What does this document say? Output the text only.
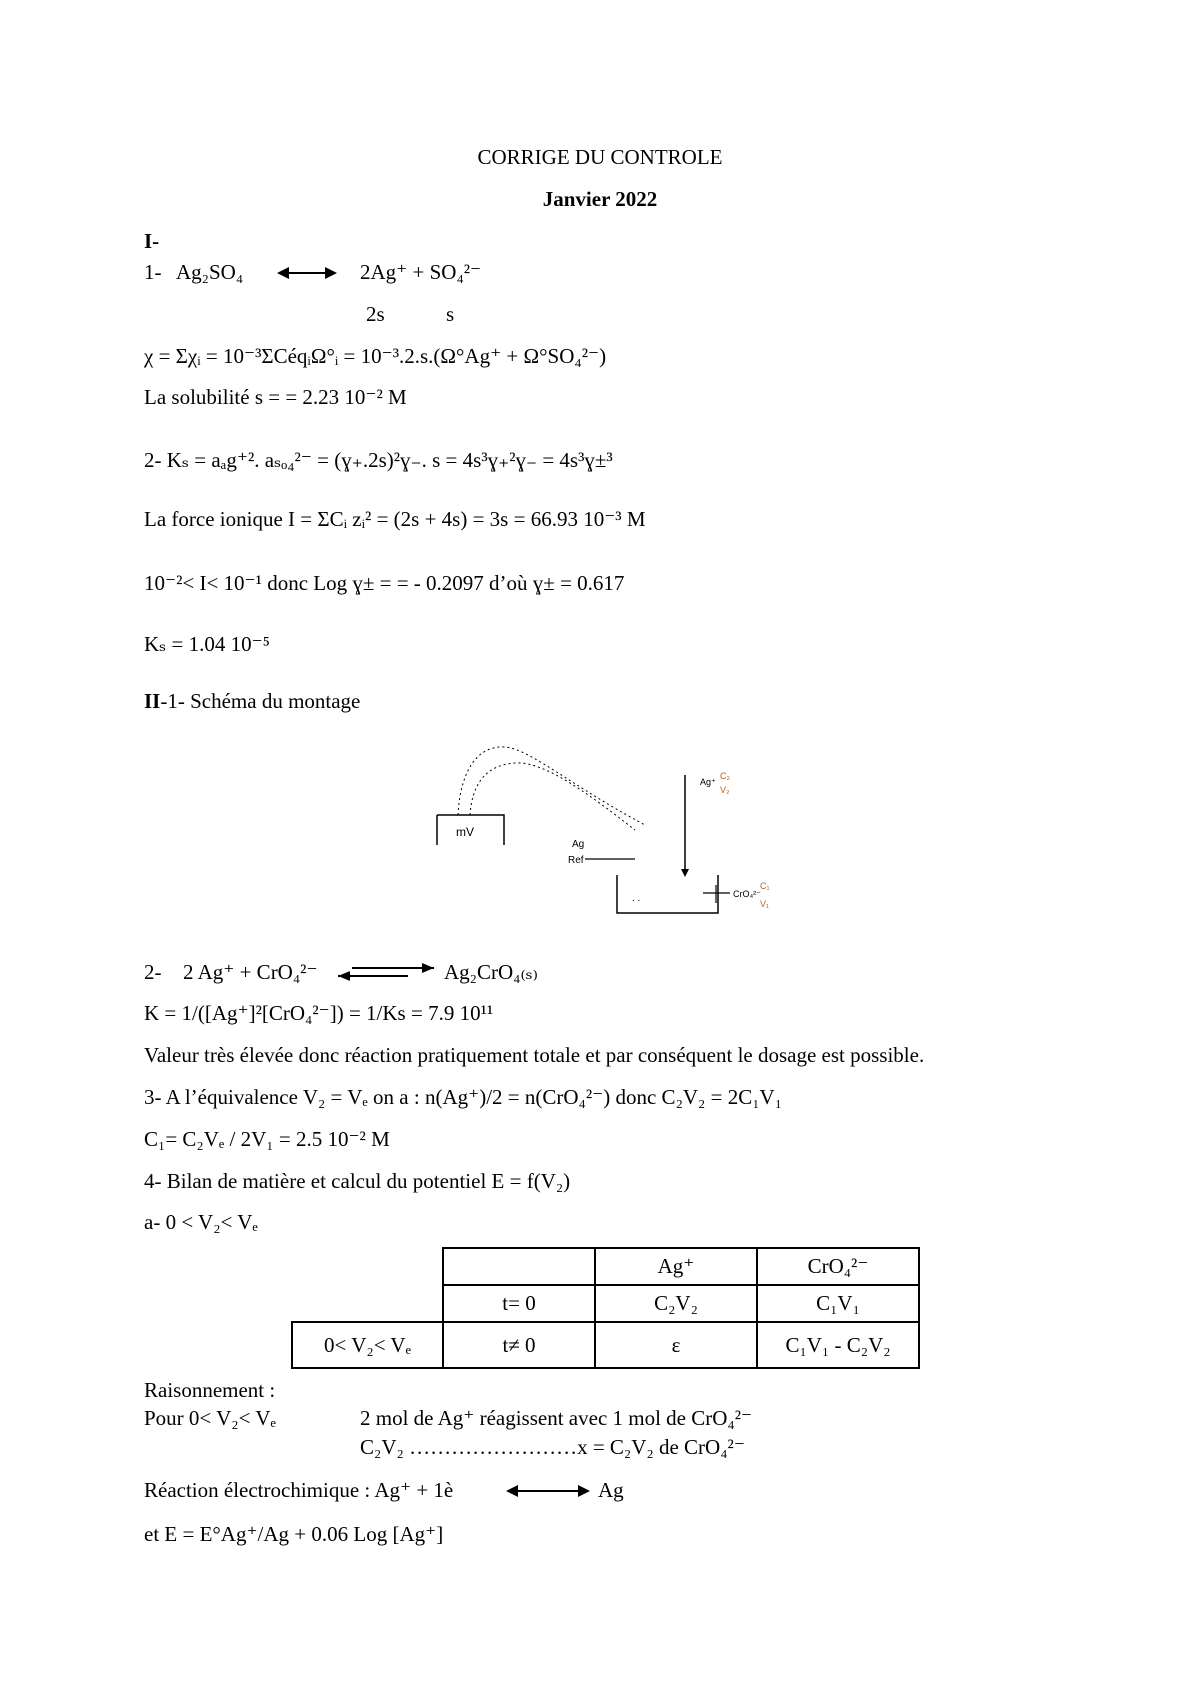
CORRIGE DU CONTROLE
Janvier 2022
I-
1- Ag₂SO₄	2Ag⁺ + SO₄²⁻
2s	s
χ = Σχᵢ = 10⁻³ΣCéqᵢΩ°ᵢ = 10⁻³.2.s.(Ω°Ag⁺ + Ω°SO₄²⁻)
La solubilité s = = 2.23 10⁻² M
2- Kₛ = aₐg⁺². aₛₒ₄²⁻ = (ɣ₊.2s)²ɣ₋. s = 4s³ɣ₊²ɣ₋ = 4s³ɣ±³
La force ionique I = ΣCᵢ zᵢ² = (2s + 4s) = 3s = 66.93 10⁻³ M
10⁻²< I< 10⁻¹ donc Log ɣ± = = - 0.2097 d’où ɣ± = 0.617
Kₛ = 1.04 10⁻⁵
II-1- Schéma du montage
mV
Ag
Ref
Ag⁺
C₂
V₂
. .	CrO₄²⁻
C₁
V₁
2- 2 Ag⁺ + CrO₄²⁻	Ag₂CrO₄₍ₛ₎
K = 1/([Ag⁺]²[CrO₄²⁻]) = 1/Ks = 7.9 10¹¹
Valeur très élevée donc réaction pratiquement totale et par conséquent le dosage est possible.
3- A l’équivalence V₂ = Vₑ on a : n(Ag⁺)/2 = n(CrO₄²⁻) donc C₂V₂ = 2C₁V₁
C₁= C₂Vₑ / 2V₁ = 2.5 10⁻² M
4- Bilan de matière et calcul du potentiel E = f(V₂)
a- 0 < V₂< Vₑ
		Ag⁺	CrO₄²⁻
	t= 0	C₂V₂	C₁V₁
0< V₂< Vₑ	t≠ 0	ε	C₁V₁ - C₂V₂
Raisonnement :
Pour 0< V₂< Vₑ	2 mol de Ag⁺ réagissent avec 1 mol de CrO₄²⁻
C₂V₂ ……………………x = C₂V₂ de CrO₄²⁻
Réaction électrochimique : Ag⁺ + 1è	Ag
et E = E°Ag⁺/Ag + 0.06 Log [Ag⁺]
